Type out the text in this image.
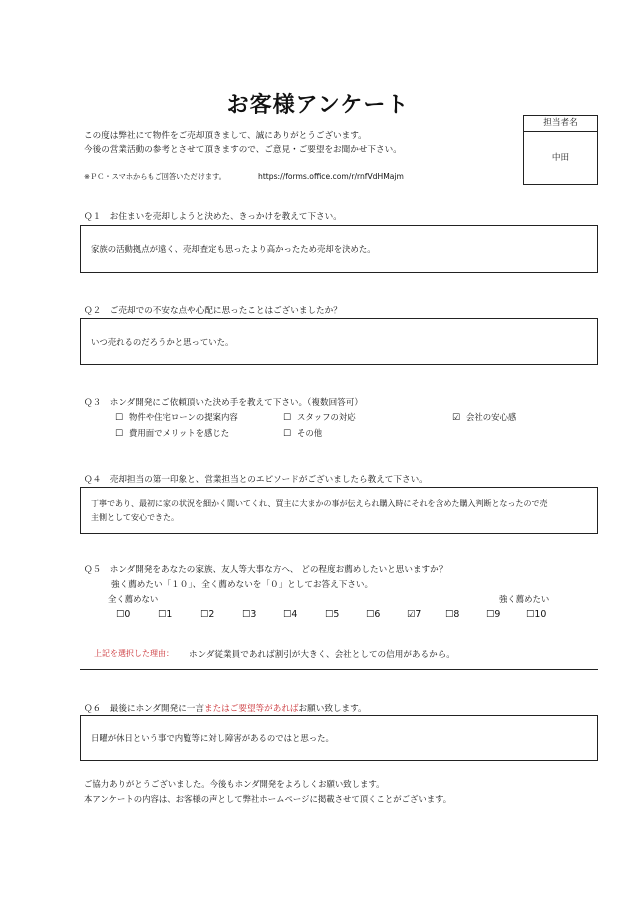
お客様アンケート
この度は弊社にて物件をご売却頂きまして、誠にありがとうございます。
今後の営業活動の参考とさせて頂きますので、ご意見・ご要望をお聞かせ下さい。
※ＰＣ・スマホからもご回答いただけます。	https://forms.office.com/r/rnfVdHMajm
担当者名
中田
Ｑ１　お住まいを売却しようと決めた、きっかけを教えて下さい。
家族の活動拠点が遠く、売却査定も思ったより高かったため売却を決めた。
Ｑ２　ご売却での不安な点や心配に思ったことはございましたか？
いつ売れるのだろうかと思っていた。
Ｑ３　ホンダ開発にご依頼頂いた決め手を教えて下さい。（複数回答可）
☐ 物件や住宅ローンの提案内容	☐ スタッフの対応	☑ 会社の安心感
☐ 費用面でメリットを感じた	☐ その他
Ｑ４　売却担当の第一印象と、営業担当とのエピソードがございましたら教えて下さい。
丁寧であり、最初に家の状況を細かく聞いてくれ、買主に大まかの事が伝えられ購入時にそれを含めた購入判断となったので売
主側として安心できた。
Ｑ５　ホンダ開発をあなたの家族、友人等大事な方へ、 どの程度お薦めしたいと思いますか？
強く薦めたい「１０」、全く薦めないを「０」としてお答え下さい。
全く薦めない	強く薦めたい
☐0	☐1	☐2	☐3	☐4	☐5	☐6	☑7	☐8	☐9	☐10
上記を選択した理由： ホンダ従業員であれば割引が大きく、会社としての信用があるから。
Ｑ６　最後にホンダ開発に一言またはご要望等があればお願い致します。
日曜が休日という事で内覧等に対し障害があるのではと思った。
ご協力ありがとうございました。今後もホンダ開発をよろしくお願い致します。
本アンケートの内容は、お客様の声として弊社ホームページに掲載させて頂くことがございます。
